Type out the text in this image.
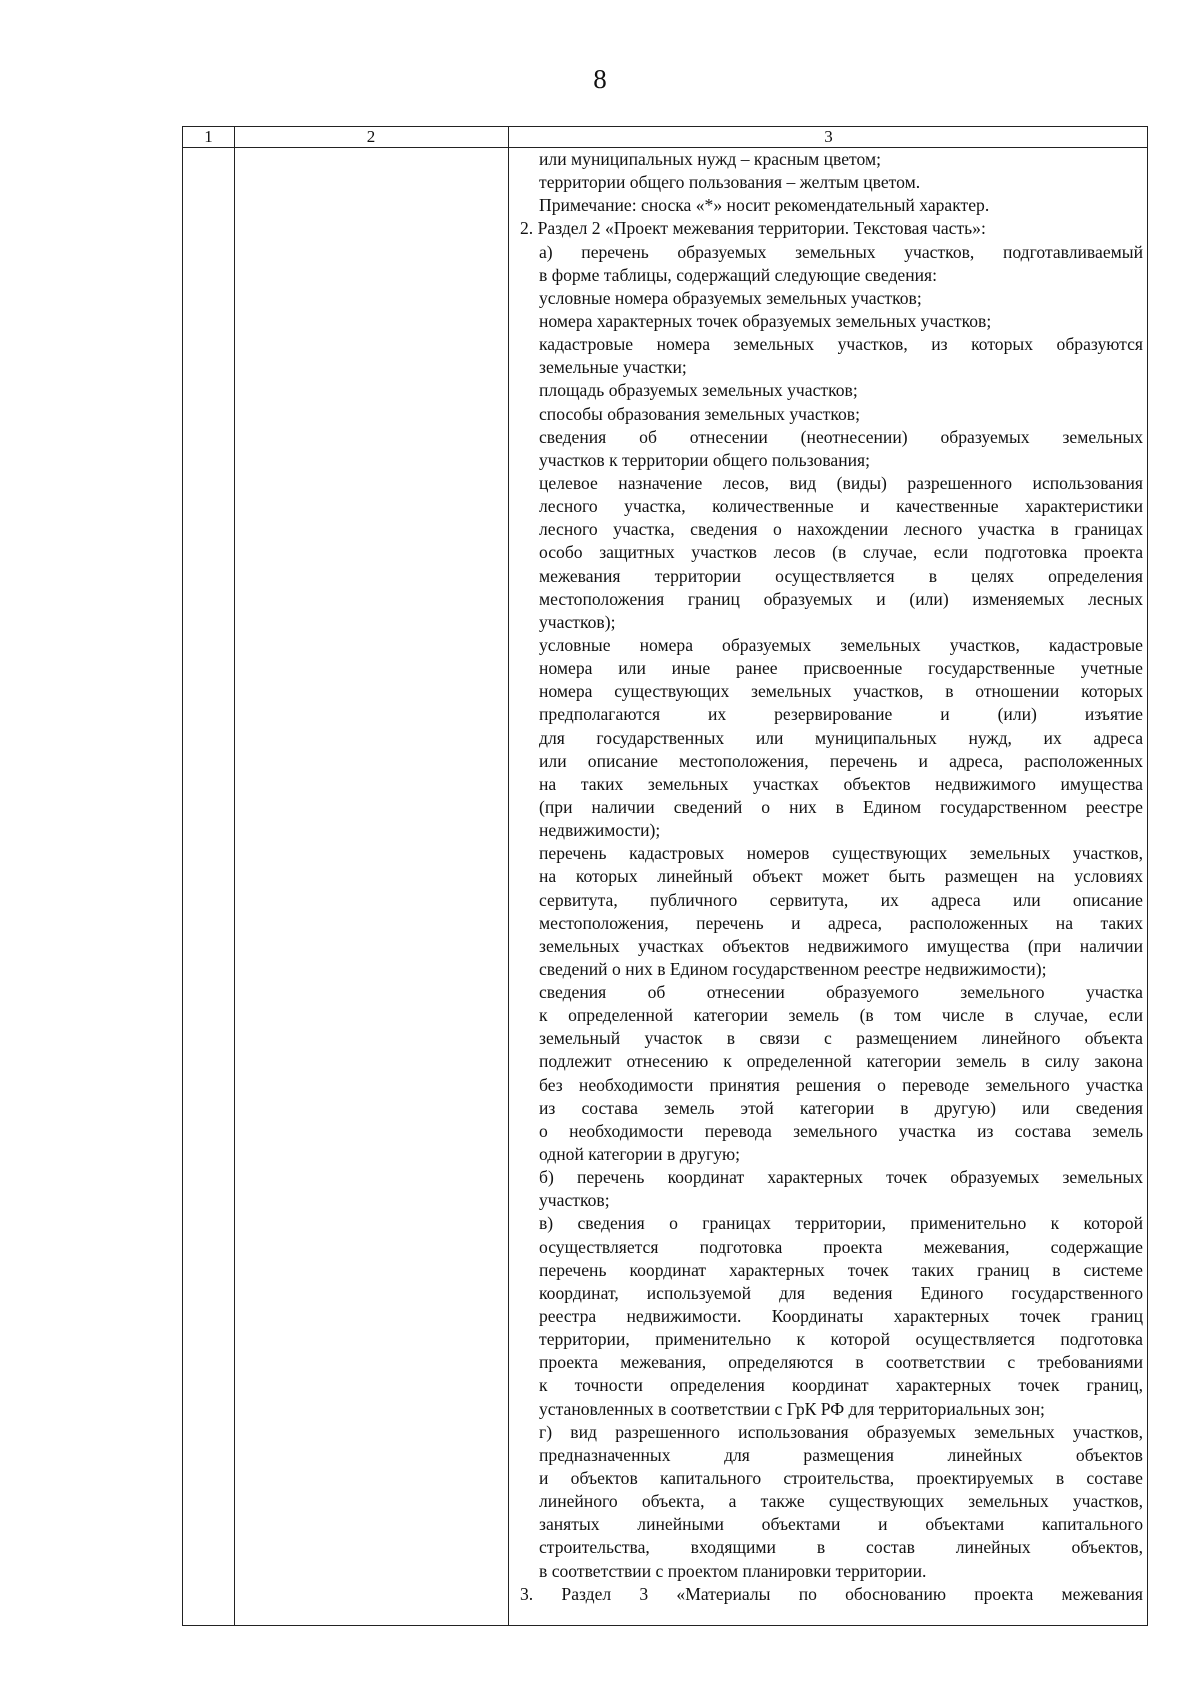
8
1	2	3
или муниципальных нужд – красным цветом;
территории общего пользования – желтым цветом.
Примечание: сноска «*» носит рекомендательный характер.
2. Раздел 2 «Проект межевания территории. Текстовая часть»:
а) перечень образуемых земельных участков, подготавливаемый
в форме таблицы, содержащий следующие сведения:
условные номера образуемых земельных участков;
номера характерных точек образуемых земельных участков;
кадастровые номера земельных участков, из которых образуются
земельные участки;
площадь образуемых земельных участков;
способы образования земельных участков;
сведения об отнесении (неотнесении) образуемых земельных
участков к территории общего пользования;
целевое назначение лесов, вид (виды) разрешенного использования
лесного участка, количественные и качественные характеристики
лесного участка, сведения о нахождении лесного участка в границах
особо защитных участков лесов (в случае, если подготовка проекта
межевания территории осуществляется в целях определения
местоположения границ образуемых и (или) изменяемых лесных
участков);
условные номера образуемых земельных участков, кадастровые
номера или иные ранее присвоенные государственные учетные
номера существующих земельных участков, в отношении которых
предполагаются их резервирование и (или) изъятие
для государственных или муниципальных нужд, их адреса
или описание местоположения, перечень и адреса, расположенных
на таких земельных участках объектов недвижимого имущества
(при наличии сведений о них в Едином государственном реестре
недвижимости);
перечень кадастровых номеров существующих земельных участков,
на которых линейный объект может быть размещен на условиях
сервитута, публичного сервитута, их адреса или описание
местоположения, перечень и адреса, расположенных на таких
земельных участках объектов недвижимого имущества (при наличии
сведений о них в Едином государственном реестре недвижимости);
сведения об отнесении образуемого земельного участка
к определенной категории земель (в том числе в случае, если
земельный участок в связи с размещением линейного объекта
подлежит отнесению к определенной категории земель в силу закона
без необходимости принятия решения о переводе земельного участка
из состава земель этой категории в другую) или сведения
о необходимости перевода земельного участка из состава земель
одной категории в другую;
б) перечень координат характерных точек образуемых земельных
участков;
в) сведения о границах территории, применительно к которой
осуществляется подготовка проекта межевания, содержащие
перечень координат характерных точек таких границ в системе
координат, используемой для ведения Единого государственного
реестра недвижимости. Координаты характерных точек границ
территории, применительно к которой осуществляется подготовка
проекта межевания, определяются в соответствии с требованиями
к точности определения координат характерных точек границ,
установленных в соответствии с ГрК РФ для территориальных зон;
г) вид разрешенного использования образуемых земельных участков,
предназначенных для размещения линейных объектов
и объектов капитального строительства, проектируемых в составе
линейного объекта, а также существующих земельных участков,
занятых линейными объектами и объектами капитального
строительства, входящими в состав линейных объектов,
в соответствии с проектом планировки территории.
3. Раздел 3 «Материалы по обоснованию проекта межевания
